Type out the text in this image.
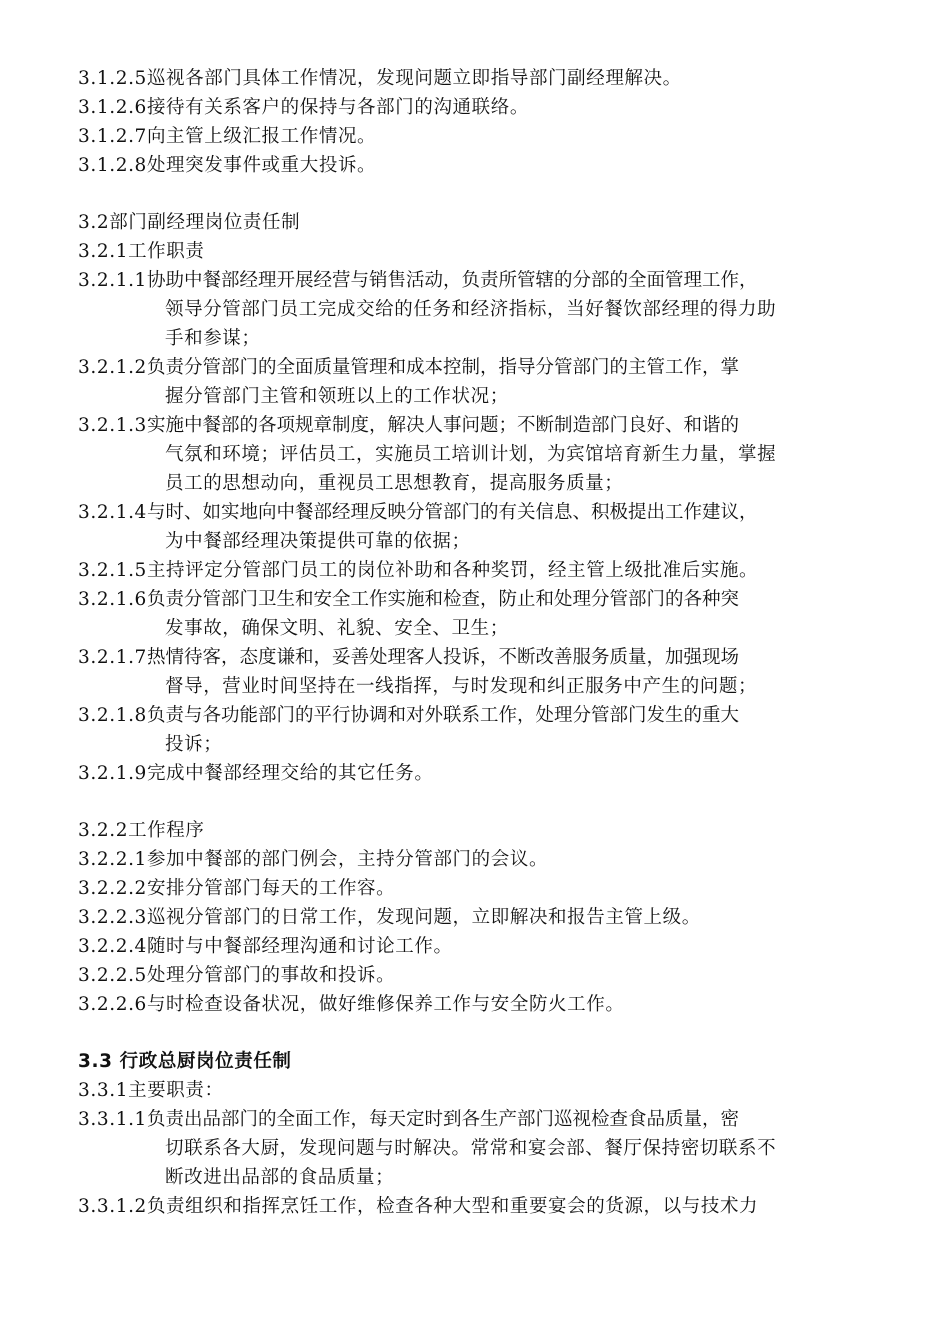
3.1.2.5 巡视各部门具体工作情况，发现问题立即指导部门副经理解决。
3.1.2.6 接待有关系客户的保持与各部门的沟通联络。
3.1.2.7 向主管上级汇报工作情况。
3.1.2.8 处理突发事件或重大投诉。
3.2 部门副经理岗位责任制
3.2.1 工作职责
3.2.1.1 协助中餐部经理开展经营与销售活动，负责所管辖的分部的全面管理工作，
领导分管部门员工完成交给的任务和经济指标，当好餐饮部经理的得力助
手和参谋；
3.2.1.2 负责分管部门的全面质量管理和成本控制，指导分管部门的主管工作，掌
握分管部门主管和领班以上的工作状况；
3.2.1.3 实施中餐部的各项规章制度，解决人事问题；不断制造部门良好、和谐的
气氛和环境；评估员工，实施员工培训计划，为宾馆培育新生力量，掌握
员工的思想动向，重视员工思想教育，提高服务质量；
3.2.1.4 与时、如实地向中餐部经理反映分管部门的有关信息、积极提出工作建议，
为中餐部经理决策提供可靠的依据；
3.2.1.5 主持评定分管部门员工的岗位补助和各种奖罚，经主管上级批准后实施。
3.2.1.6 负责分管部门卫生和安全工作实施和检查，防止和处理分管部门的各种突
发事故，确保文明、礼貌、安全、卫生；
3.2.1.7 热情待客，态度谦和，妥善处理客人投诉，不断改善服务质量，加强现场
督导，营业时间坚持在一线指挥，与时发现和纠正服务中产生的问题；
3.2.1.8 负责与各功能部门的平行协调和对外联系工作，处理分管部门发生的重大
投诉；
3.2.1.9 完成中餐部经理交给的其它任务。
3.2.2 工作程序
3.2.2.1 参加中餐部的部门例会，主持分管部门的会议。
3.2.2.2 安排分管部门每天的工作容。
3.2.2.3 巡视分管部门的日常工作，发现问题，立即解决和报告主管上级。
3.2.2.4 随时与中餐部经理沟通和讨论工作。
3.2.2.5 处理分管部门的事故和投诉。
3.2.2.6 与时检查设备状况，做好维修保养工作与安全防火工作。
3.3
行政总厨岗位责任制
3.3.1 主要职责：
3.3.1.1 负责出品部门的全面工作，每天定时到各生产部门巡视检查食品质量，密
切联系各大厨，发现问题与时解决。常常和宴会部、餐厅保持密切联系不
断改进出品部的食品质量；
3.3.1.2 负责组织和指挥烹饪工作，检查各种大型和重要宴会的货源，以与技术力
